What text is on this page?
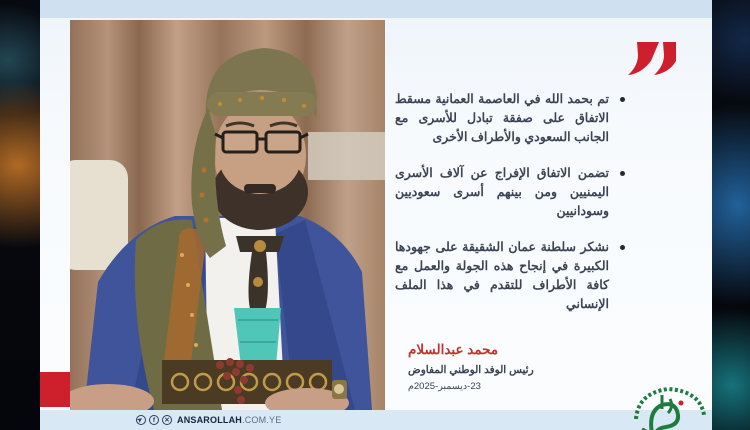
تم بحمد الله في العاصمة العمانية مسقط الاتفاق على صفقة تبادل للأسرى مع الجانب السعودي والأطراف الأخرى
تضمن الاتفاق الإفراج عن آلاف الأسرى اليمنيين ومن بينهم أسرى سعوديين وسودانيين
نشكر سلطنة عمان الشقيقة على جهودها الكبيرة في إنجاح هذه الجولة والعمل مع كافة الأطراف للتقدم في هذا الملف الإنساني
محمد عبدالسلام
رئيس الوفد الوطني المفاوض
23-ديسمبر-2025م
➤	f	✕ ANSAROLLAH.COM.YE
